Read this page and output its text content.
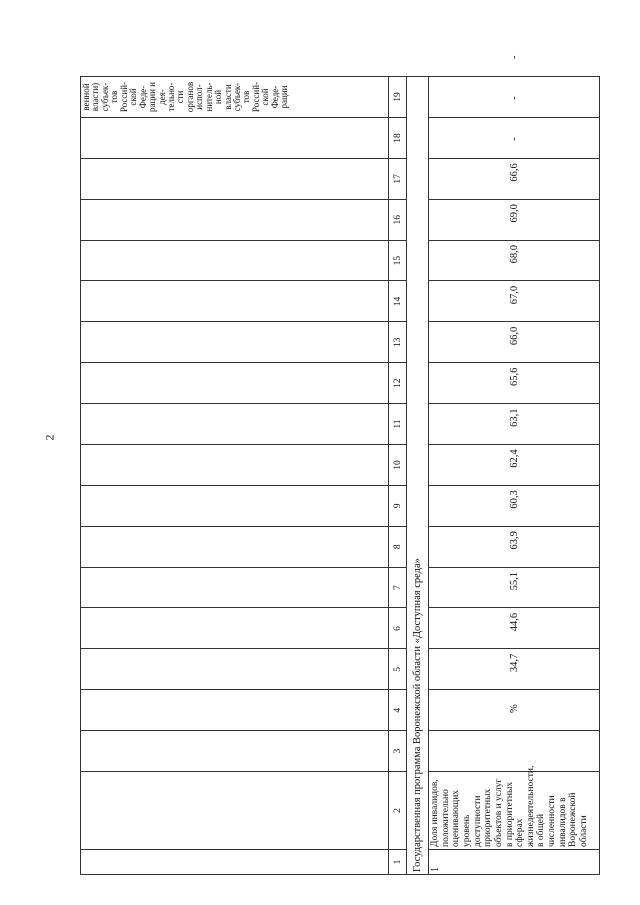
2
																		венной власти) субъек-тов Россий-ской Феде-рации и дея-тельно-сти органов испол-нитель-ной власти субъек-тов Россий-ской Феде-рации
1	2	3	4	5	6	7	8	9	10	11	12	13	14	15	16	17	18	19
Государственная программа Воронежской области «Доступная среда»																		
1	Доля инвалидов, положительно оценивающих уровень доступности приоритетных объектов и услуг в приоритетных сферах жизнедеятельности, в общей численности инвалидов в Воронежской области	%	34,7	44,6	55,1	63,9	60,3	62,4	63,1	65,6	66,0	67,0	68,0	69,0	66,6	-	-	-
